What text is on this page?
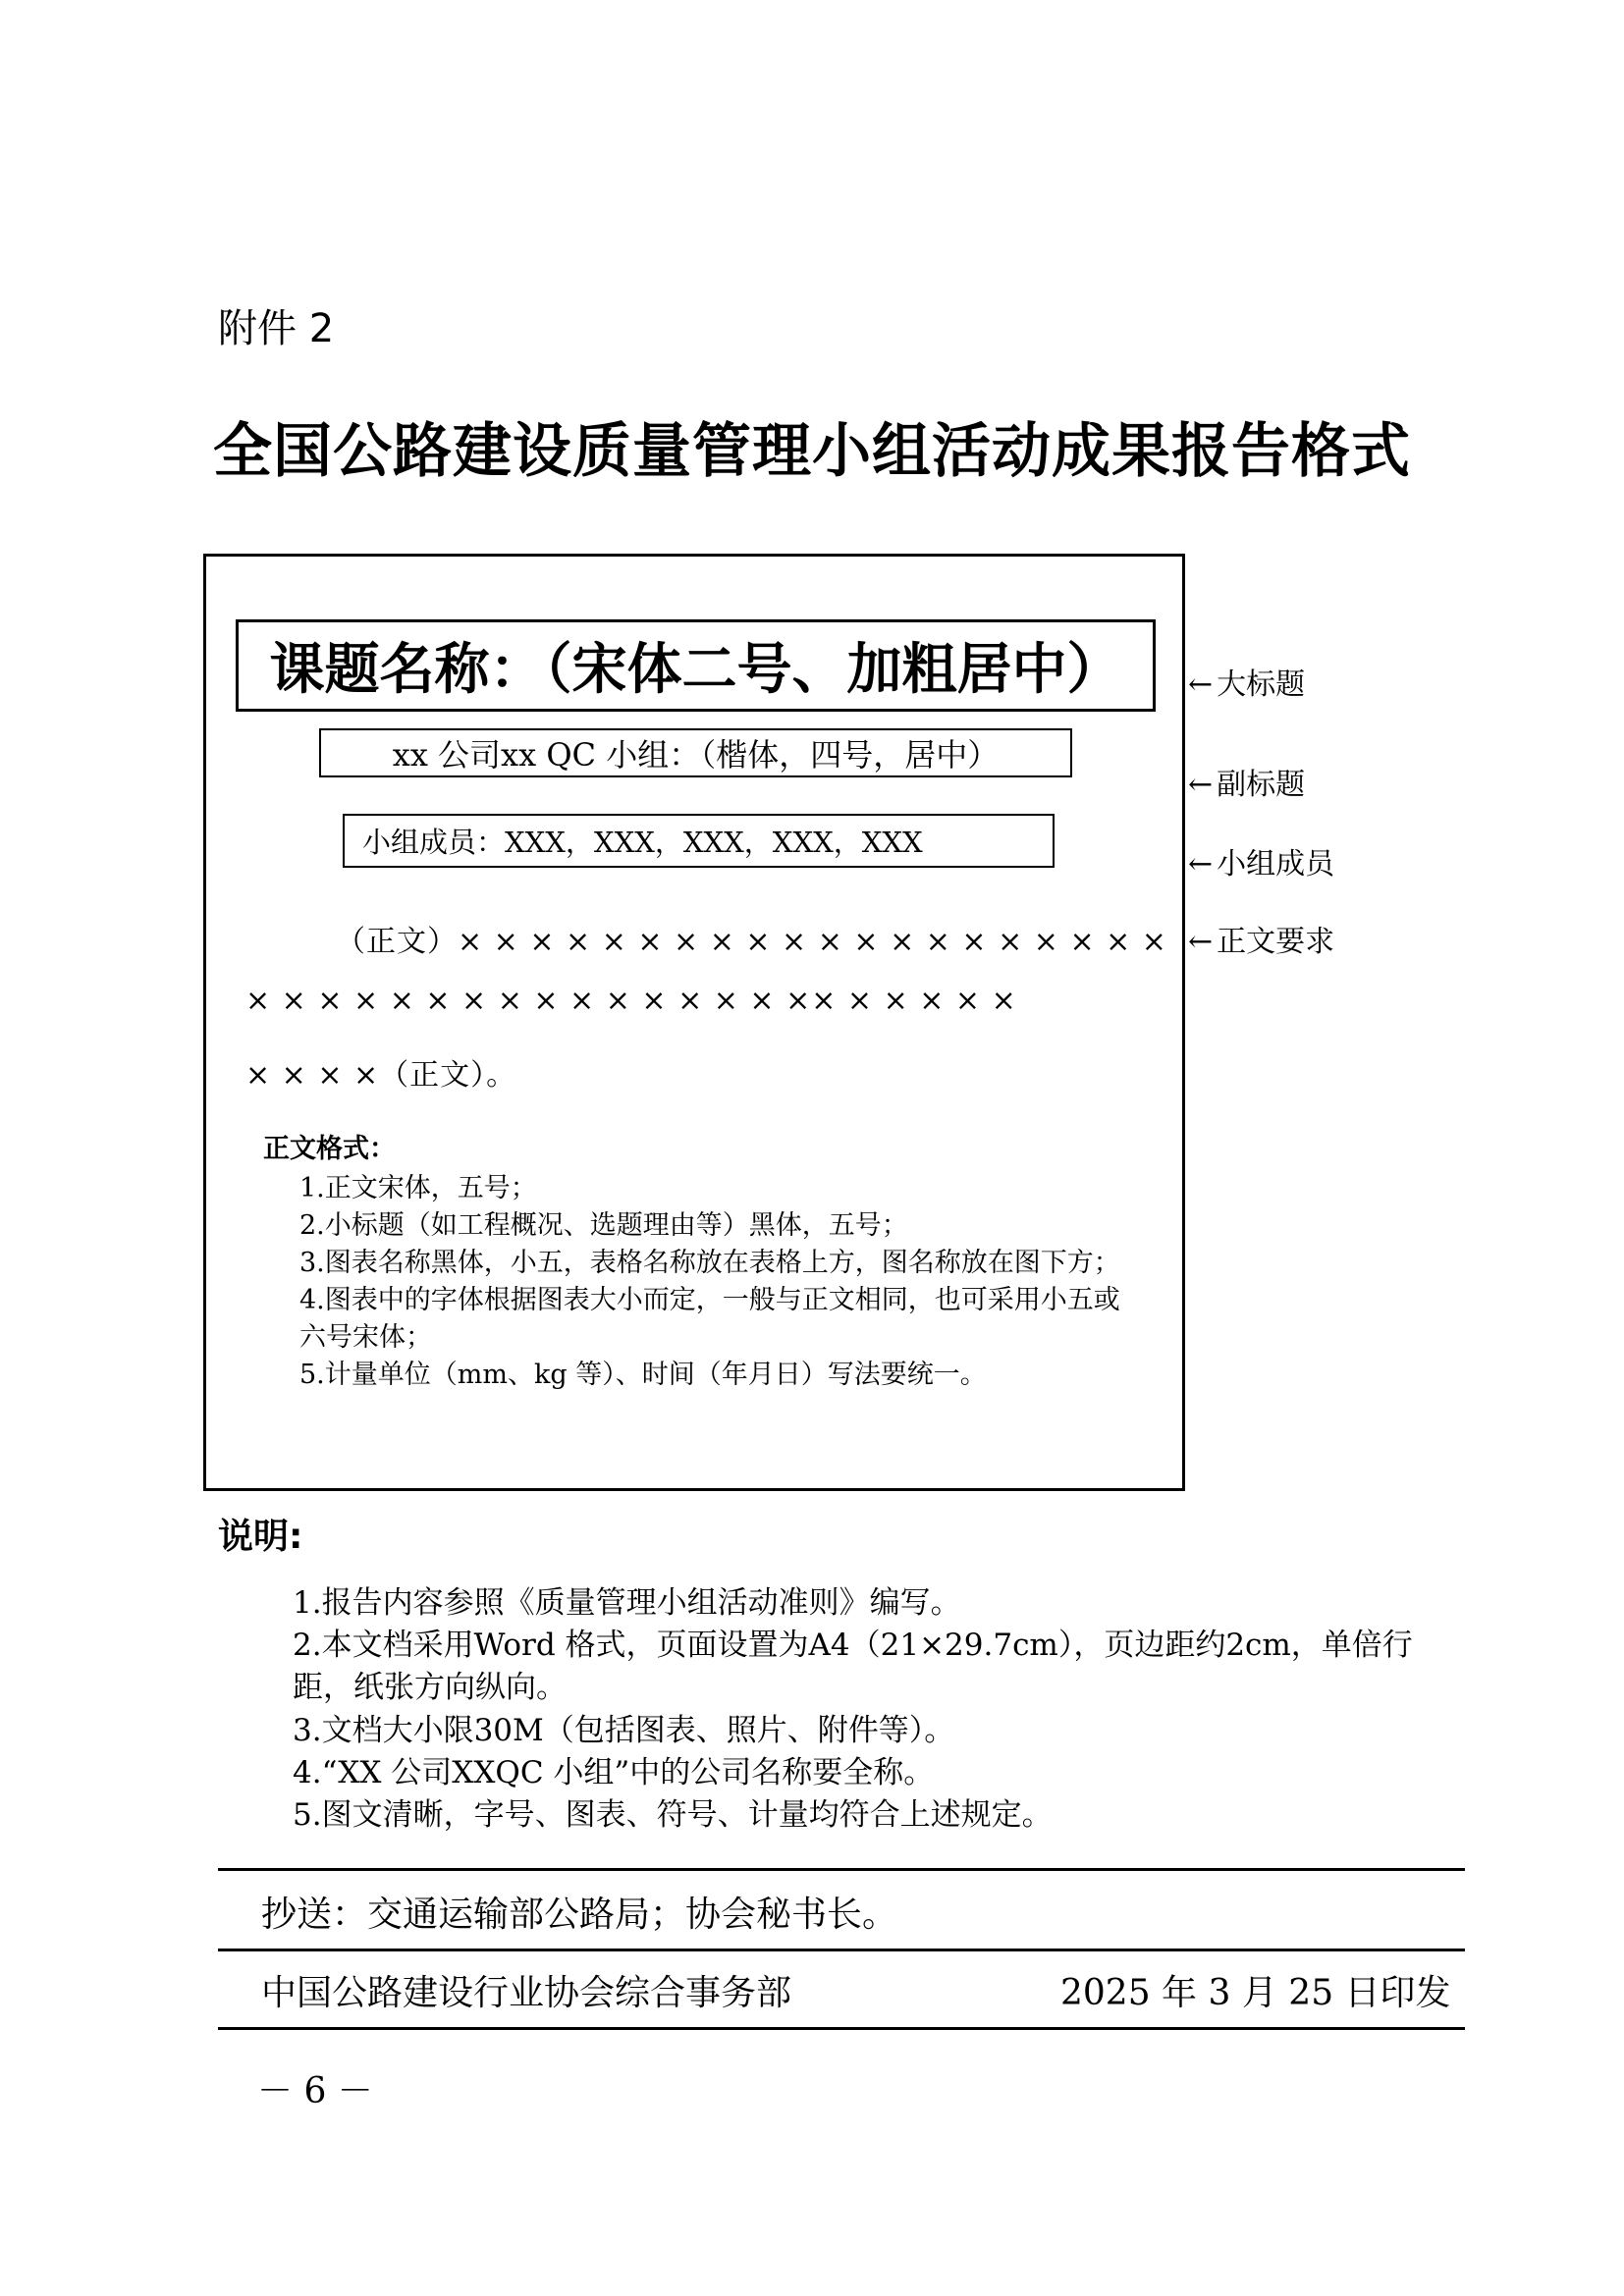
附件 2
全国公路建设质量管理小组活动成果报告格式
课题名称：（宋体二号、加粗居中）
xx 公司xx QC 小组：（楷体，四号，居中）
小组成员：XXX，XXX，XXX，XXX，XXX
（正文）× × × × × × × × × × × × × × × × × × × ×
× × × × × × × × × × × × × × × ×× × × × × ×
× × × ×（正文）。
正文格式：
1.正文宋体，五号；
2.小标题（如工程概况、选题理由等）黑体，五号；
3.图表名称黑体，小五，表格名称放在表格上方，图名称放在图下方；
4.图表中的字体根据图表大小而定，一般与正文相同，也可采用小五或
六号宋体；
5.计量单位（mm、kg 等）、时间（年月日）写法要统一。
← 大标题
← 副标题
← 小组成员
← 正文要求
说明:
1.报告内容参照《质量管理小组活动准则》编写。
2.本文档采用Word 格式，页面设置为A4（21×29.7cm），页边距约2cm，单倍行
距，纸张方向纵向。
3.文档大小限30M（包括图表、照片、附件等）。
4.“XX 公司XXQC 小组”中的公司名称要全称。
5.图文清晰，字号、图表、符号、计量均符合上述规定。
抄送：交通运输部公路局；协会秘书长。
中国公路建设行业协会综合事务部	2025 年 3 月 25 日印发
－ 6 －
